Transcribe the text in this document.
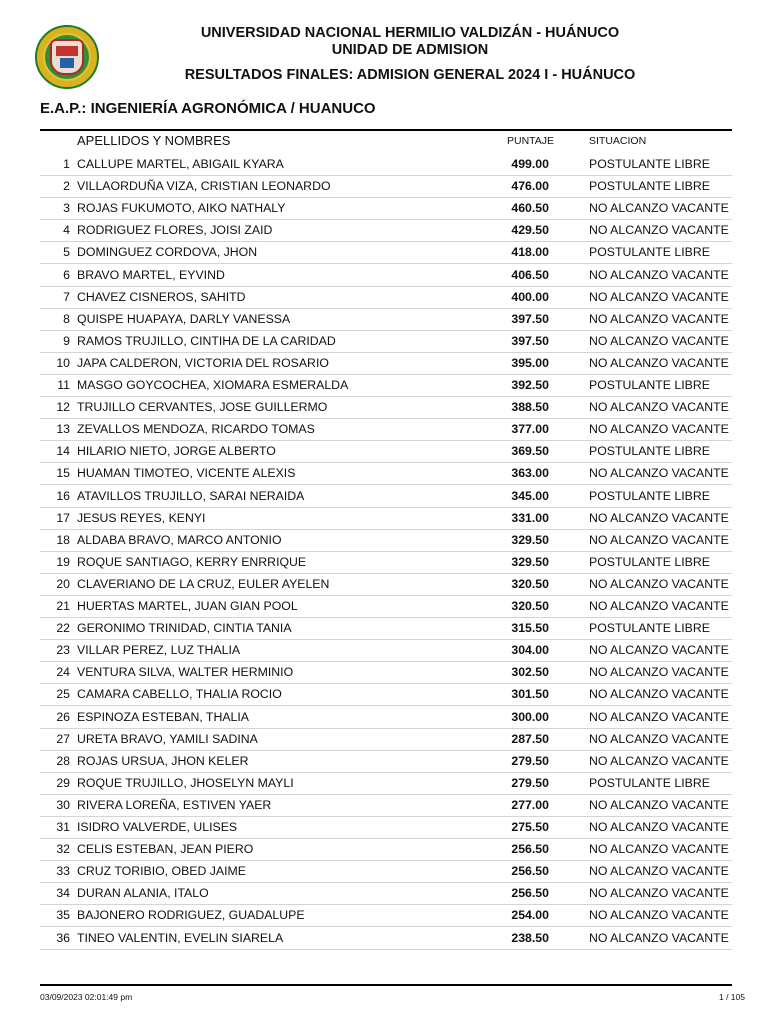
UNIVERSIDAD NACIONAL HERMILIO VALDIZÁN - HUÁNUCO
UNIDAD DE ADMISION
RESULTADOS FINALES: ADMISION GENERAL 2024 I - HUÁNUCO
E.A.P.: INGENIERÍA AGRONÓMICA / HUANUCO
APELLIDOS Y NOMBRES	PUNTAJE	SITUACION
1 CALLUPE MARTEL, ABIGAIL KYARA	499.00	POSTULANTE LIBRE
2 VILLAORDUÑA VIZA, CRISTIAN LEONARDO	476.00	POSTULANTE LIBRE
3 ROJAS FUKUMOTO, AIKO NATHALY	460.50	NO ALCANZO VACANTE
4 RODRIGUEZ FLORES, JOISI ZAID	429.50	NO ALCANZO VACANTE
5 DOMINGUEZ CORDOVA, JHON	418.00	POSTULANTE LIBRE
6 BRAVO MARTEL, EYVIND	406.50	NO ALCANZO VACANTE
7 CHAVEZ CISNEROS, SAHITD	400.00	NO ALCANZO VACANTE
8 QUISPE HUAPAYA, DARLY VANESSA	397.50	NO ALCANZO VACANTE
9 RAMOS TRUJILLO, CINTIHA DE LA CARIDAD	397.50	NO ALCANZO VACANTE
10 JAPA CALDERON, VICTORIA DEL ROSARIO	395.00	NO ALCANZO VACANTE
11 MASGO GOYCOCHEA, XIOMARA ESMERALDA	392.50	POSTULANTE LIBRE
12 TRUJILLO CERVANTES, JOSE GUILLERMO	388.50	NO ALCANZO VACANTE
13 ZEVALLOS MENDOZA, RICARDO TOMAS	377.00	NO ALCANZO VACANTE
14 HILARIO NIETO, JORGE ALBERTO	369.50	POSTULANTE LIBRE
15 HUAMAN TIMOTEO, VICENTE ALEXIS	363.00	NO ALCANZO VACANTE
16 ATAVILLOS TRUJILLO, SARAI NERAIDA	345.00	POSTULANTE LIBRE
17 JESUS REYES, KENYI	331.00	NO ALCANZO VACANTE
18 ALDABA BRAVO, MARCO ANTONIO	329.50	NO ALCANZO VACANTE
19 ROQUE SANTIAGO, KERRY ENRRIQUE	329.50	POSTULANTE LIBRE
20 CLAVERIANO DE LA CRUZ, EULER AYELEN	320.50	NO ALCANZO VACANTE
21 HUERTAS MARTEL, JUAN GIAN POOL	320.50	NO ALCANZO VACANTE
22 GERONIMO TRINIDAD, CINTIA TANIA	315.50	POSTULANTE LIBRE
23 VILLAR PEREZ, LUZ THALIA	304.00	NO ALCANZO VACANTE
24 VENTURA SILVA, WALTER HERMINIO	302.50	NO ALCANZO VACANTE
25 CAMARA CABELLO, THALIA ROCIO	301.50	NO ALCANZO VACANTE
26 ESPINOZA ESTEBAN, THALIA	300.00	NO ALCANZO VACANTE
27 URETA BRAVO, YAMILI SADINA	287.50	NO ALCANZO VACANTE
28 ROJAS URSUA, JHON KELER	279.50	NO ALCANZO VACANTE
29 ROQUE TRUJILLO, JHOSELYN MAYLI	279.50	POSTULANTE LIBRE
30 RIVERA LOREÑA, ESTIVEN YAER	277.00	NO ALCANZO VACANTE
31 ISIDRO VALVERDE, ULISES	275.50	NO ALCANZO VACANTE
32 CELIS ESTEBAN, JEAN PIERO	256.50	NO ALCANZO VACANTE
33 CRUZ TORIBIO, OBED JAIME	256.50	NO ALCANZO VACANTE
34 DURAN ALANIA, ITALO	256.50	NO ALCANZO VACANTE
35 BAJONERO RODRIGUEZ, GUADALUPE	254.00	NO ALCANZO VACANTE
36 TINEO VALENTIN, EVELIN SIARELA	238.50	NO ALCANZO VACANTE
03/09/2023 02:01:49 pm	1 / 105
